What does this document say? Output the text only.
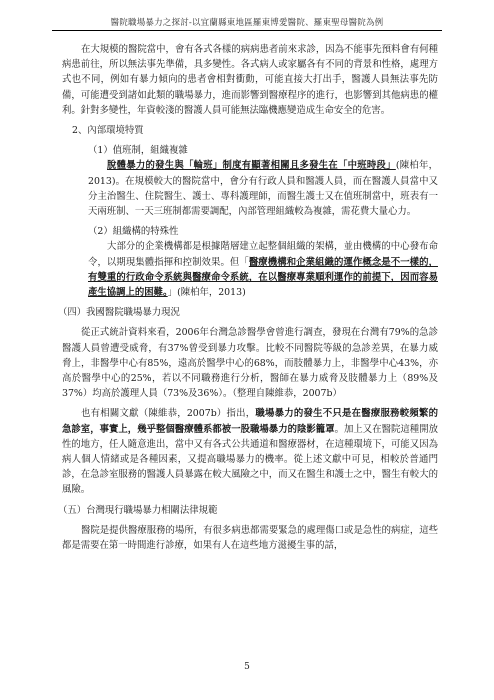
醫院職場暴力之探討-以宜蘭縣東地區羅東博愛醫院、羅東聖母醫院為例

在大規模的醫院當中，會有各式各樣的病病患者前來求診，因為不能事先預料會有何種病患前往，所以無法事先準備，具多變性。各式病人或家屬各有不同的背景和性格，處理方式也不同，例如有暴力傾向的患者會相對衝動，可能直接大打出手，醫護人員無法事先防備，可能遭受到諸如此類的職場暴力，進而影響到醫療程序的進行，也影響到其他病患的權利。針對多變性，年資較淺的醫護人員可能無法臨機應變造成生命安全的危害。

2、內部環境特質

（1）值班制，組織複雜

脫體暴力的發生與「輪班」制度有顯著相關且多發生在「中班時段」(陳柏年，2013)。在規模較大的醫院當中，會分有行政人員和醫護人員，而在醫護人員當中又分主治醫生、住院醫生、護士、專科護理師，而醫生護士又在值班制當中，班表有一天兩班制、一天三班制都需要調配，內部管理組織較為複雜，需花費大量心力。

（2）組織構的特殊性

大部分的企業機構都是根據階層建立起整個組織的架構，並由機構的中心發布命令，以期現集體指揮和控制效果。但「醫療機構和企業組織的運作概念是不一樣的，有雙重的行政命令系統與醫療命令系統，在以醫療專業順利運作的前提下，因而容易產生協調上的困難。」(陳柏年，2013)

（四）我國醫院職場暴力現況

從正式統計資料來看，2006年台灣急診醫學會曾進行調查，發現在台灣有79%的急診醫護人員曾遭受威脅，有37%曾受到暴力攻擊。比較不同醫院等級的急診差異，在暴力威脅上，非醫學中心有85%，遠高於醫學中心的68%，而肢體暴力上，非醫學中心43%，亦高於醫學中心的25%，若以不同職務進行分析，醫師在暴力威脅及肢體暴力上（89%及37%）均高於護理人員（73%及36%）。（整理自陳維恭，2007b）

也有相關文獻（陳維恭，2007b）指出，職場暴力的發生不只是在醫療服務較頻繁的急診室，事實上，幾乎整個醫療體系都被一股職場暴力的陰影籠罩。加上又在醫院這種開放性的地方，任人隨意進出，當中又有各式公共通道和醫療器材，在這種環境下，可能又因為病人個人情緒或是各種因素，又提高職場暴力的機率。從上述文獻中可見，相較於普通門診，在急診室服務的醫護人員暴露在較大風險之中，而又在醫生和護士之中，醫生有較大的風險。

（五）台灣現行職場暴力相關法律規範

醫院是提供醫療服務的場所，有很多病患都需要緊急的處理傷口或是急性的病症，這些都是需要在第一時間進行診療，如果有人在這些地方滋擾生事的話，

5
